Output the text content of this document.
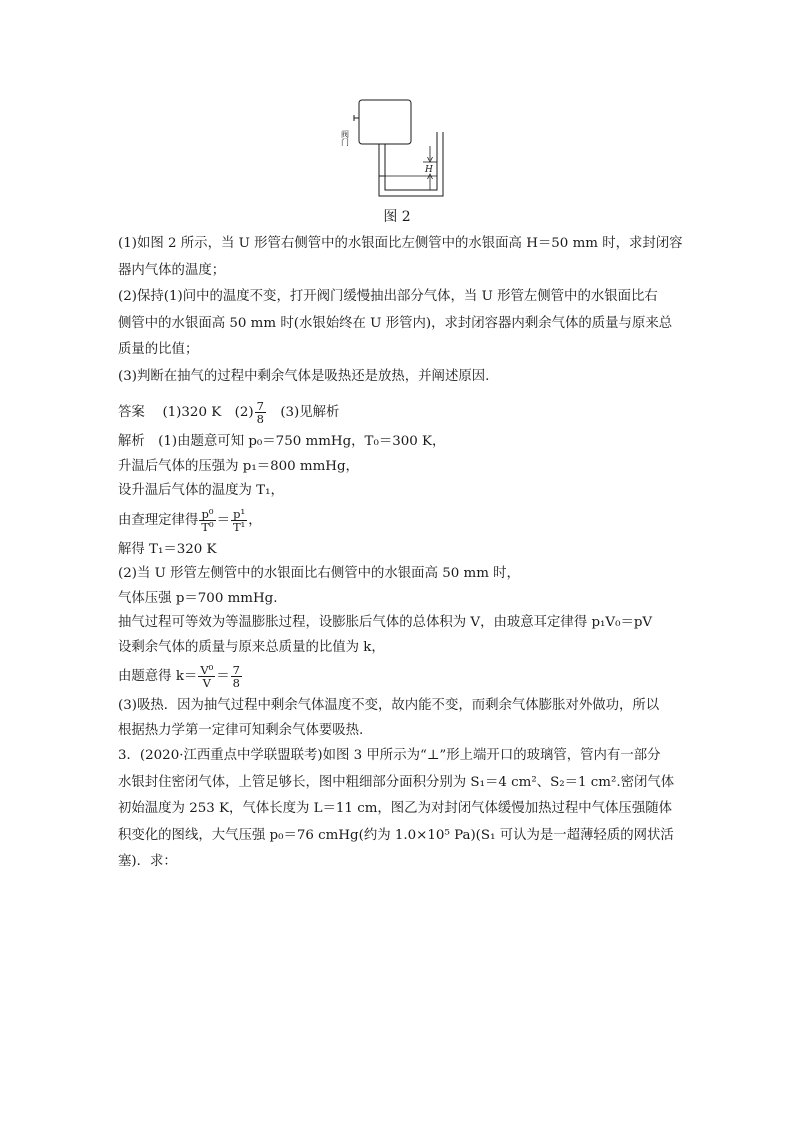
阀门
H
图 2
(1)如图 2 所示，当 U 形管右侧管中的水银面比左侧管中的水银面高 H＝50 mm 时，求封闭容
器内气体的温度；
(2)保持(1)问中的温度不变，打开阀门缓慢抽出部分气体，当 U 形管左侧管中的水银面比右
侧管中的水银面高 50 mm 时(水银始终在 U 形管内)，求封闭容器内剩余气体的质量与原来总
质量的比值；
(3)判断在抽气的过程中剩余气体是吸热还是放热，并阐述原因.
答案　 (1)320 K　 $(2) \frac{7}{8}$
　 (3)见解析
解析　(1)由题意可知 p₀＝750 mmHg，T₀＝300 K，
升温后气体的压强为 p₁＝800 mmHg，
设升温后气体的温度为 T₁，
由查理定律得 $\frac{\text{p⁰}}{\text{T⁰}} = \frac{\text{p¹}}{\text{T¹}}$ ，
解得 T₁＝320 K
(2)当 U 形管左侧管中的水银面比右侧管中的水银面高 50 mm 时，
气体压强 p＝700 mmHg.
抽气过程可等效为等温膨胀过程，设膨胀后气体的总体积为 V，由玻意耳定律得 p₁V₀＝pV
设剩余气体的质量与原来总质量的比值为 k，
由题意得 $k= \frac{\text{V⁰}}{V} = \frac{7}{8}$
(3)吸热．因为抽气过程中剩余气体温度不变，故内能不变，而剩余气体膨胀对外做功，所以
根据热力学第一定律可知剩余气体要吸热.
3．(2020·江西重点中学联盟联考)如图 3 甲所示为“⊥”形上端开口的玻璃管，管内有一部分
水银封住密闭气体，上管足够长，图中粗细部分面积分别为 S₁＝4 cm²、S₂＝1 cm².密闭气体
初始温度为 253 K，气体长度为 L＝11 cm，图乙为对封闭气体缓慢加热过程中气体压强随体
积变化的图线，大气压强 p₀＝76 cmHg(约为 1.0×10⁵ Pa)(S₁ 可认为是一超薄轻质的网状活
塞)．求：
